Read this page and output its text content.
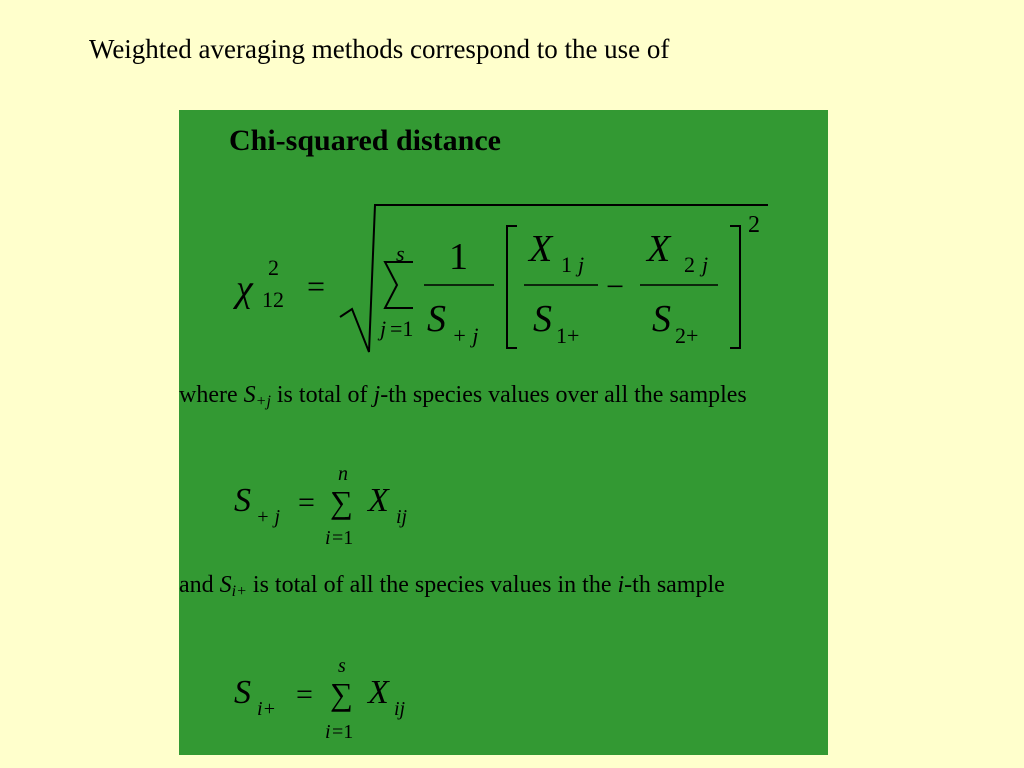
Weighted averaging methods correspond to the use of
Chi-squared distance
χ
2
12 =
s
j =1
1
S + j
X 1 j
S 1+
−
X 2 j
S 2+
2
where $S_{+j}$ is total of j-th species values over all the samples
S + j = ∑
n
i =1
X ij
and $S_{i+}$ is total of all the species values in the i-th sample
S i+ = ∑
s
i =1
X ij
